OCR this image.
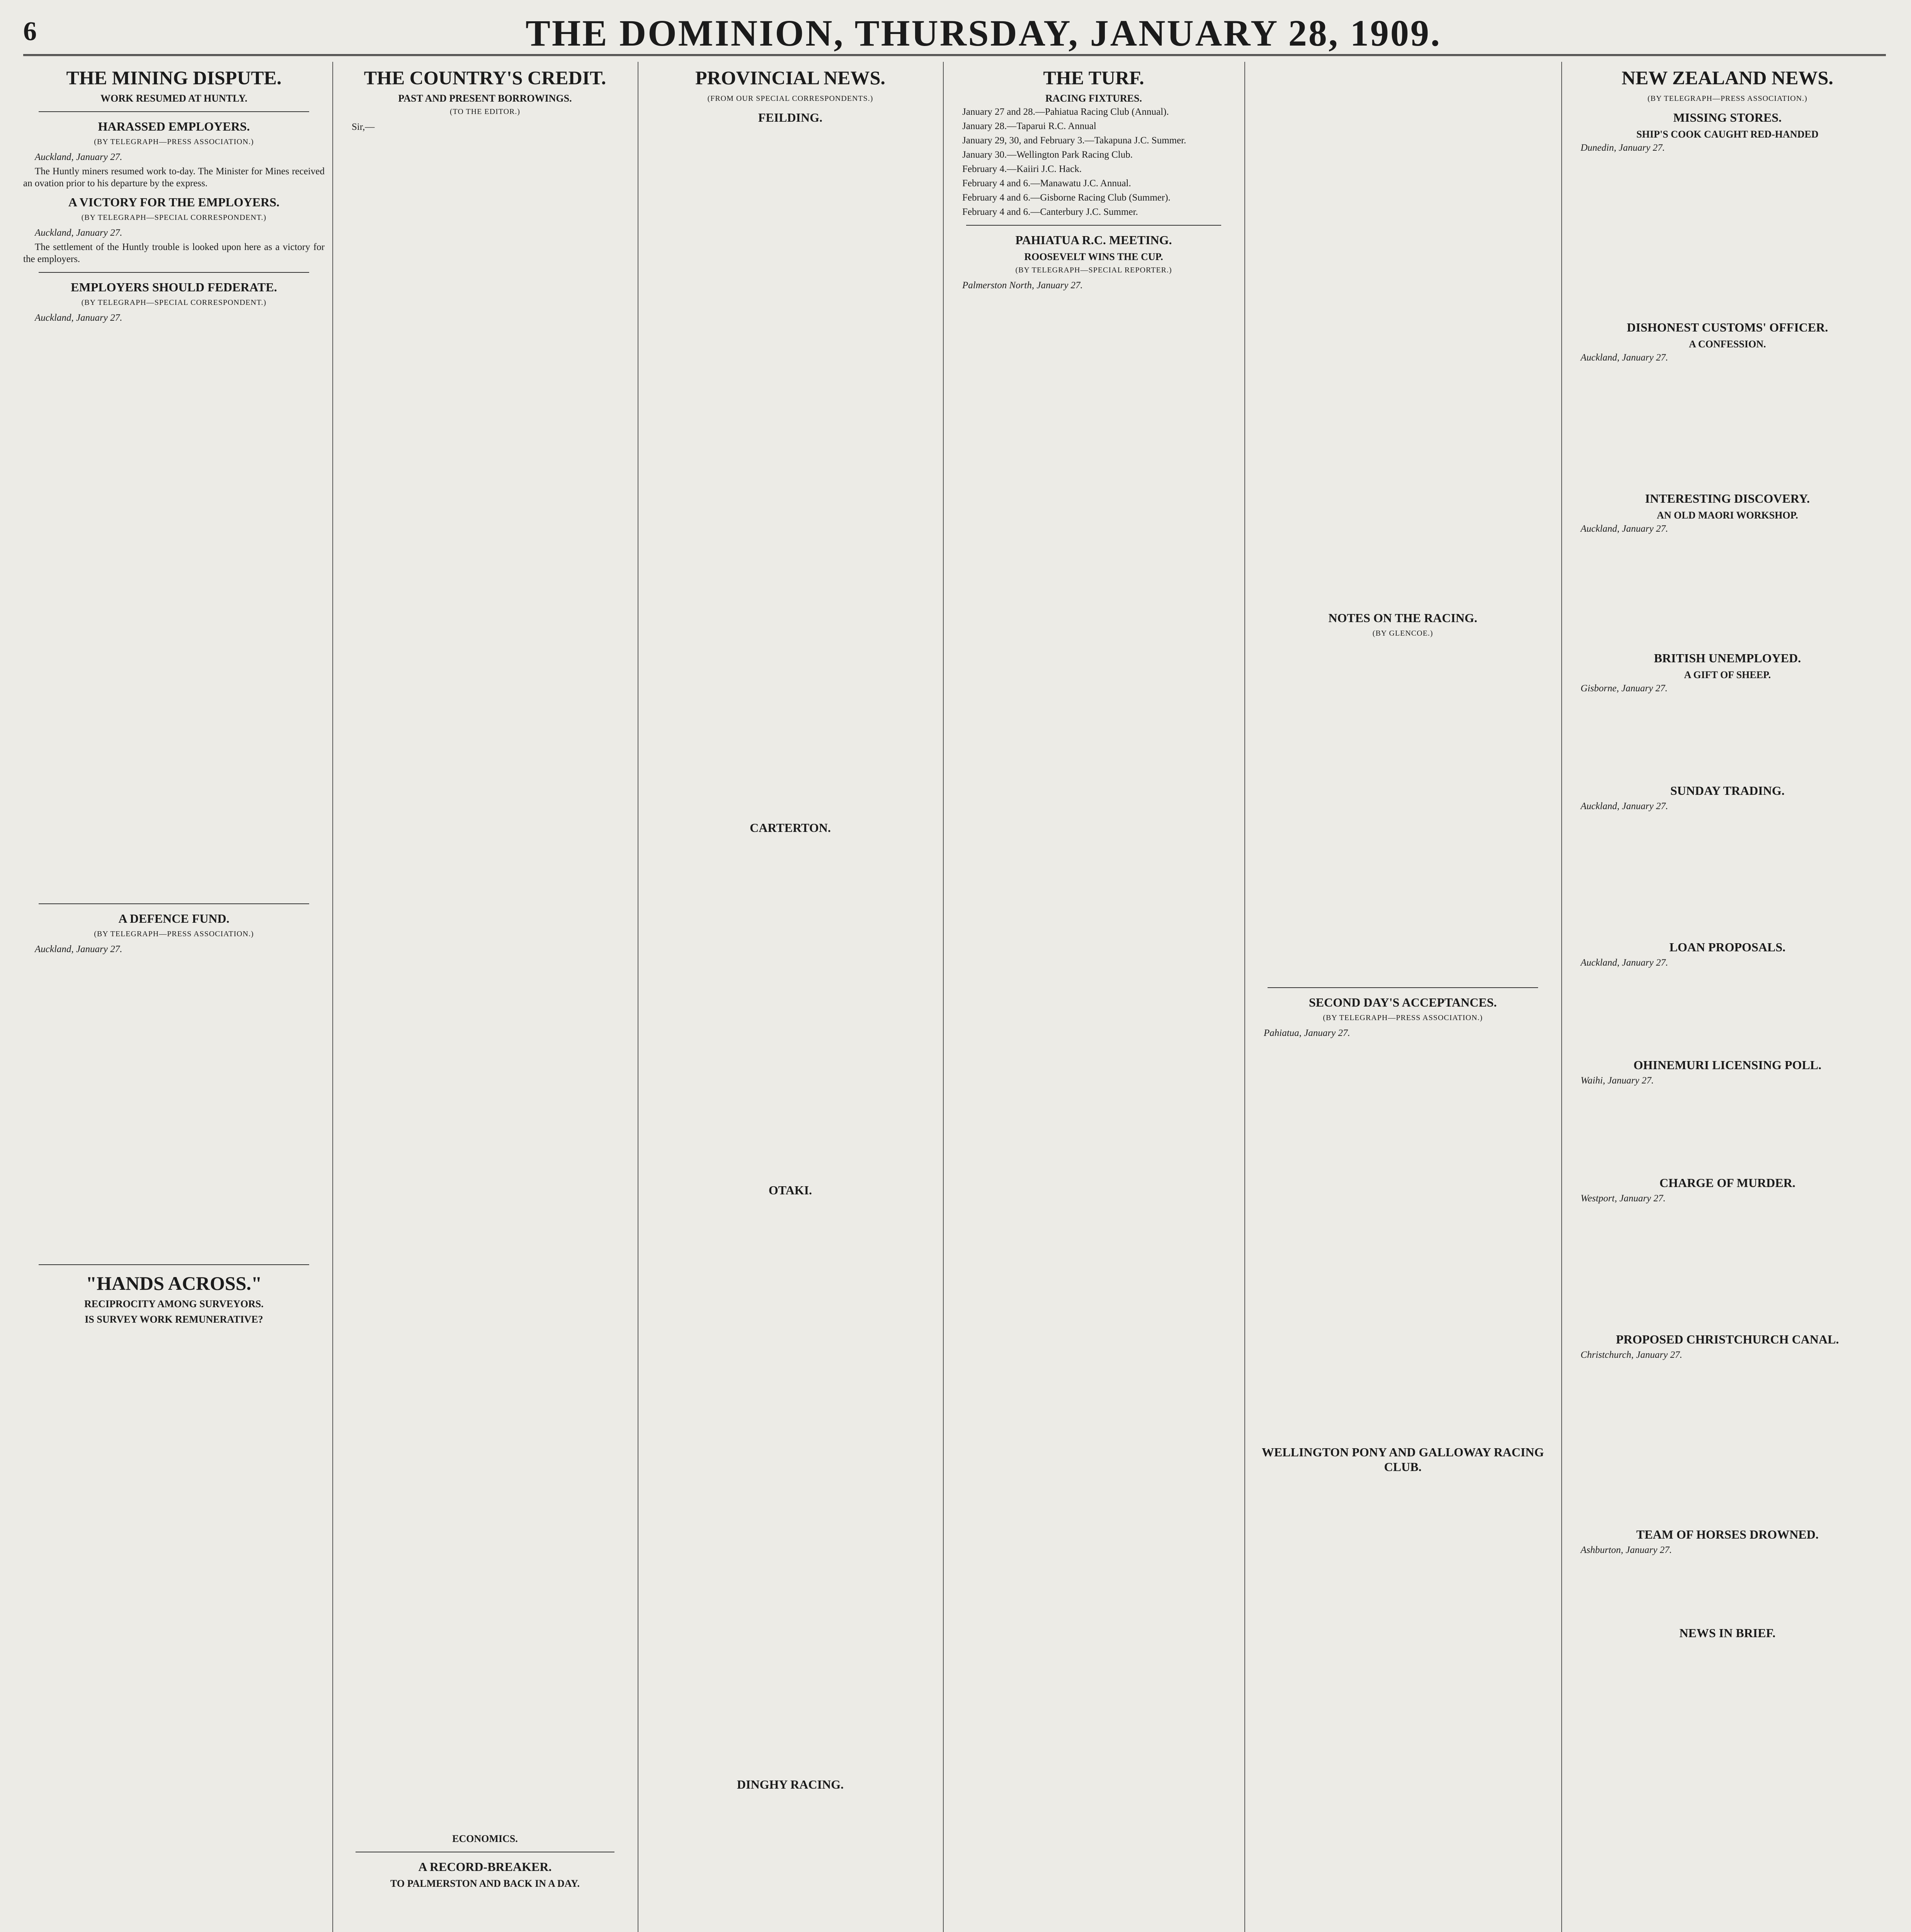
6	THE DOMINION, THURSDAY, JANUARY 28, 1909.
THE MINING DISPUTE.
WORK RESUMED AT HUNTLY.
HARASSED EMPLOYERS.
(BY TELEGRAPH—PRESS ASSOCIATION.)

Auckland, January 27.

The Huntly miners resumed work to-day. The Minister for Mines received an ovation prior to his departure by the express.

A VICTORY FOR THE EMPLOYERS.
(BY TELEGRAPH—SPECIAL CORRESPONDENT.)

Auckland, January 27.

The settlement of the Huntly trouble is looked upon here as a victory for the employers.

EMPLOYERS SHOULD FEDERATE.
(BY TELEGRAPH—SPECIAL CORRESPONDENT.)

Auckland, January 27.

A DEFENCE FUND.
(BY TELEGRAPH—PRESS ASSOCIATION.)

Auckland, January 27.

"HANDS ACROSS."
RECIPROCITY AMONG SURVEYORS.
IS SURVEY WORK REMUNERATIVE?

THE COUNTRY'S CREDIT.
PAST AND PRESENT BORROWINGS.
(TO THE EDITOR.)

Sir,—

ECONOMICS.
A RECORD-BREAKER.
TO PALMERSTON AND BACK IN A DAY.

PROVINCIAL NEWS.
(FROM OUR SPECIAL CORRESPONDENTS.)
FEILDING.
CARTERTON.
OTAKI.
DINGHY RACING.
THE TURF.
RACING FIXTURES.

January 27 and 28.—Pahiatua Racing Club (Annual).

January 28.—Taparui R.C. Annual

January 29, 30, and February 3.—Takapuna J.C. Summer.

January 30.—Wellington Park Racing Club.

February 4.—Kaiiri J.C. Hack.

February 4 and 6.—Manawatu J.C. Annual.

February 4 and 6.—Gisborne Racing Club (Summer).

February 4 and 6.—Canterbury J.C. Summer.

PAHIATUA R.C. MEETING.
ROOSEVELT WINS THE CUP.
(BY TELEGRAPH—SPECIAL REPORTER.)

Palmerston North, January 27.

NOTES ON THE RACING.
(BY GLENCOE.)
SECOND DAY'S ACCEPTANCES.
(BY TELEGRAPH—PRESS ASSOCIATION.)

Pahiatua, January 27.

WELLINGTON PONY AND GALLOWAY RACING CLUB.

NEW ZEALAND NEWS.
(BY TELEGRAPH—PRESS ASSOCIATION.)
MISSING STORES.
SHIP'S COOK CAUGHT RED-HANDED

Dunedin, January 27.

DISHONEST CUSTOMS' OFFICER.
A CONFESSION.

Auckland, January 27.

INTERESTING DISCOVERY.
AN OLD MAORI WORKSHOP.

Auckland, January 27.

BRITISH UNEMPLOYED.
A GIFT OF SHEEP.

Gisborne, January 27.

SUNDAY TRADING.

Auckland, January 27.

LOAN PROPOSALS.

Auckland, January 27.

OHINEMURI LICENSING POLL.

Waihi, January 27.

CHARGE OF MURDER.

Westport, January 27.

PROPOSED CHRISTCHURCH CANAL.

Christchurch, January 27.

TEAM OF HORSES DROWNED.

Ashburton, January 27.

NEWS IN BRIEF.
